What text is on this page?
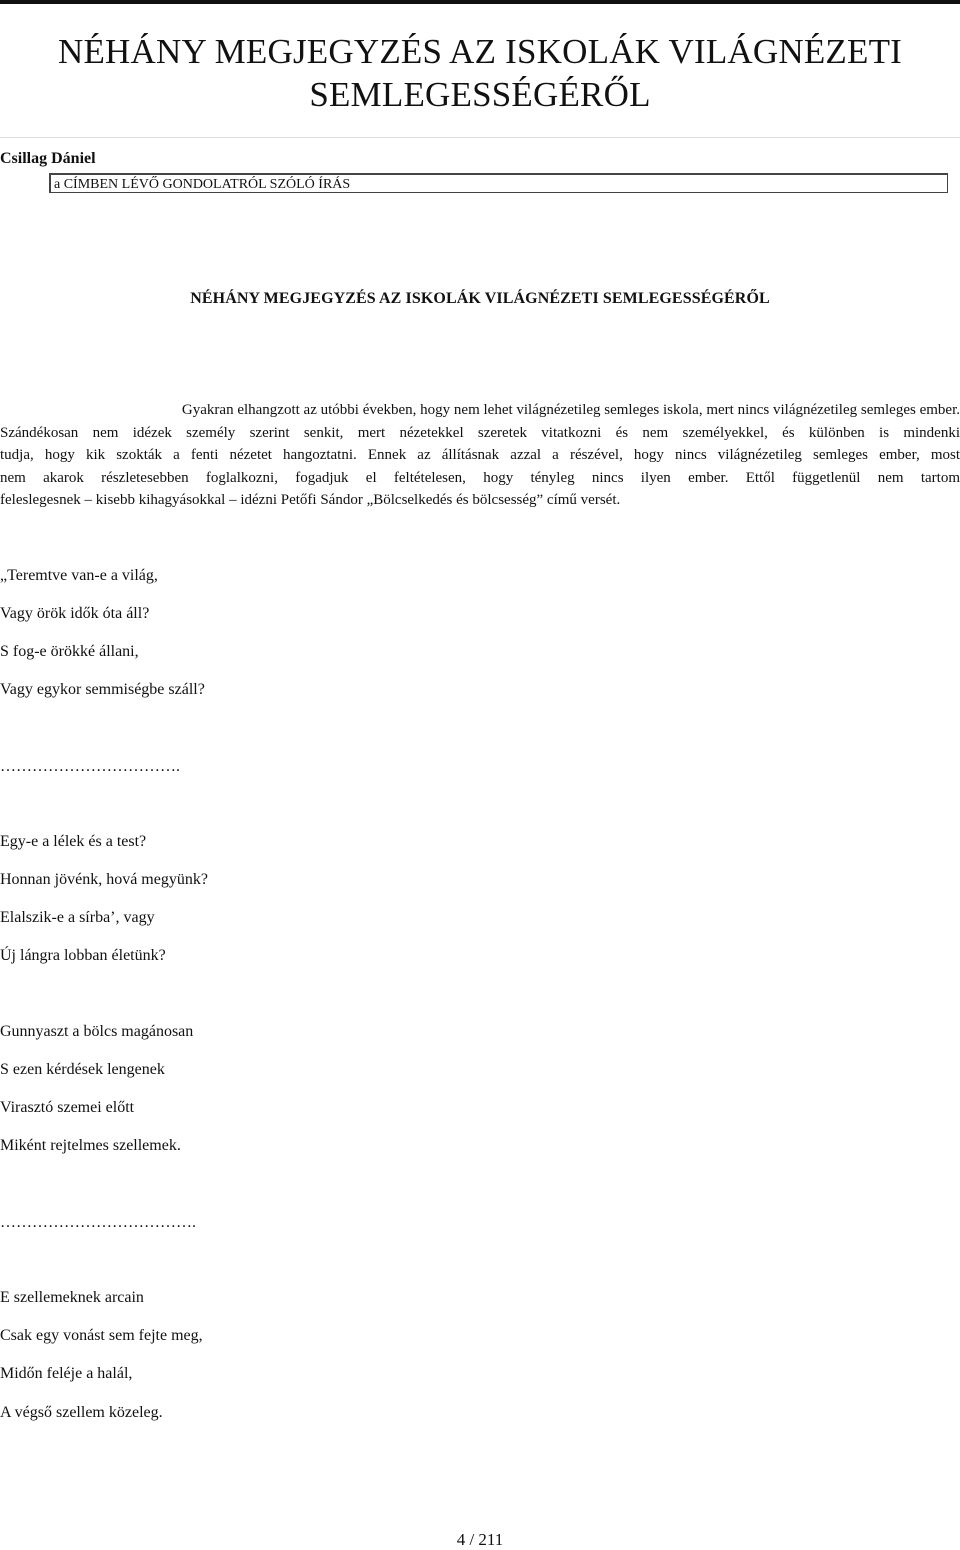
NÉHÁNY MEGJEGYZÉS AZ ISKOLÁK VILÁGNÉZETI SEMLEGESSÉGÉRŐL
Csillag Dániel
a CÍMBEN LÉVŐ GONDOLATRÓL SZÓLÓ ÍRÁS
NÉHÁNY MEGJEGYZÉS AZ ISKOLÁK VILÁGNÉZETI SEMLEGESSÉGÉRŐL

Gyakran elhangzott az utóbbi években, hogy nem lehet világnézetileg semleges iskola, mert nincs világnézetileg semleges ember.
Szándékosan nem idézek személy szerint senkit, mert nézetekkel szeretek vitatkozni és nem személyekkel, és különben is mindenki
tudja, hogy kik szokták a fenti nézetet hangoztatni. Ennek az állításnak azzal a részével, hogy nincs világnézetileg semleges ember, most
nem akarok részletesebben foglalkozni, fogadjuk el feltételesen, hogy tényleg nincs ilyen ember. Ettől függetlenül nem tartom
feleslegesnek – kisebb kihagyásokkal – idézni Petőfi Sándor „Bölcselkedés és bölcsesség” című versét.

„Teremtve van-e a világ,
Vagy örök idők óta áll?
S fog-e örökké állani,
Vagy egykor semmiségbe száll?
…………………………….
Egy-e a lélek és a test?
Honnan jövénk, hová megyünk?
Elalszik-e a sírba’, vagy
Új lángra lobban életünk?
Gunnyaszt a bölcs magánosan
S ezen kérdések lengenek
Virasztó szemei előtt
Miként rejtelmes szellemek.
……………………………….
E szellemeknek arcain
Csak egy vonást sem fejte meg,
Midőn feléje a halál,
A végső szellem közeleg.
4 / 211
